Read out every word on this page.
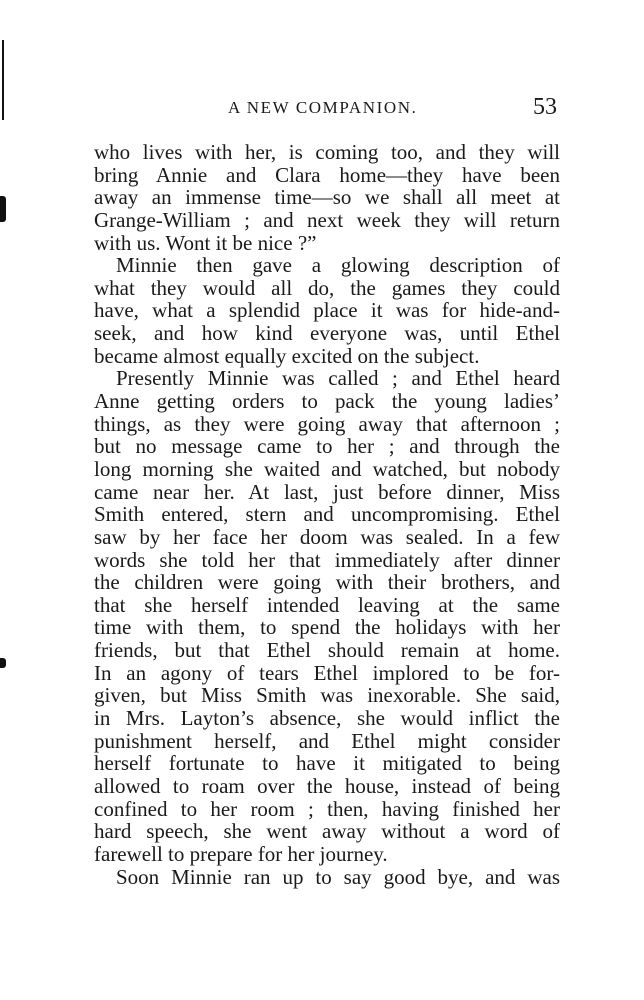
A NEW COMPANION.	53
who lives with her, is coming too, and they will
bring Annie and Clara home—they have been
away an immense time—so we shall all meet at
Grange-William ; and next week they will return
with us. Wont it be nice ?”
Minnie then gave a glowing description of
what they would all do, the games they could
have, what a splendid place it was for hide-and-
seek, and how kind everyone was, until Ethel
became almost equally excited on the subject.
Presently Minnie was called ; and Ethel heard
Anne getting orders to pack the young ladies’
things, as they were going away that afternoon ;
but no message came to her ; and through the
long morning she waited and watched, but nobody
came near her. At last, just before dinner, Miss
Smith entered, stern and uncompromising. Ethel
saw by her face her doom was sealed. In a few
words she told her that immediately after dinner
the children were going with their brothers, and
that she herself intended leaving at the same
time with them, to spend the holidays with her
friends, but that Ethel should remain at home.
In an agony of tears Ethel implored to be for-
given, but Miss Smith was inexorable. She said,
in Mrs. Layton’s absence, she would inflict the
punishment herself, and Ethel might consider
herself fortunate to have it mitigated to being
allowed to roam over the house, instead of being
confined to her room ; then, having finished her
hard speech, she went away without a word of
farewell to prepare for her journey.
Soon Minnie ran up to say good bye, and was
